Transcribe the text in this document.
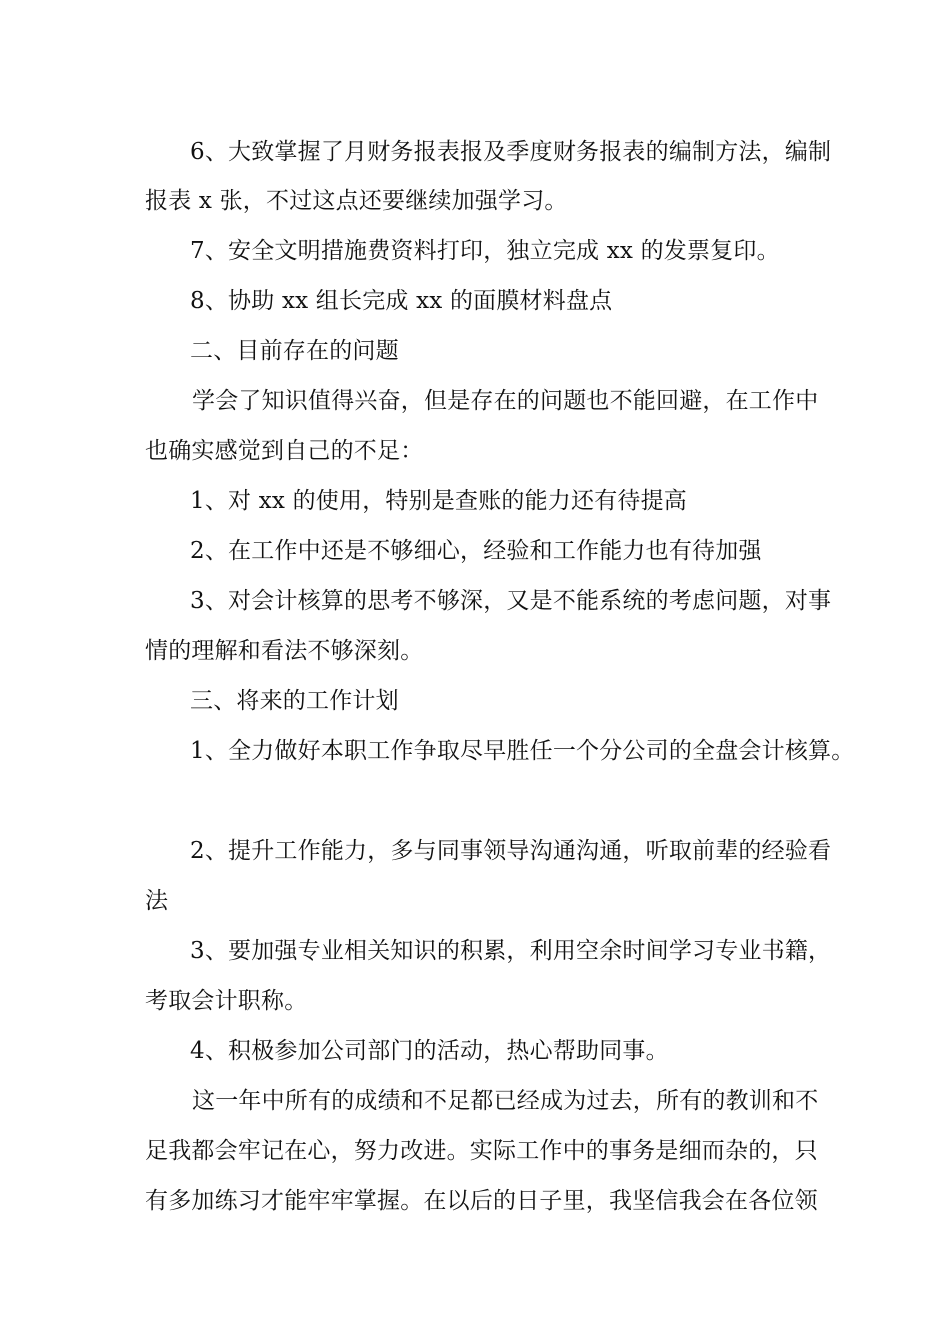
6、大致掌握了月财务报表报及季度财务报表的编制方法，编制
报表 x 张，不过这点还要继续加强学习。
7、安全文明措施费资料打印，独立完成 xx 的发票复印。
8、协助 xx 组长完成 xx 的面膜材料盘点
二、目前存在的问题
学会了知识值得兴奋，但是存在的问题也不能回避，在工作中
也确实感觉到自己的不足：
1、对 xx 的使用，特别是查账的能力还有待提高
2、在工作中还是不够细心，经验和工作能力也有待加强
3、对会计核算的思考不够深，又是不能系统的考虑问题，对事
情的理解和看法不够深刻。
三、将来的工作计划
1、全力做好本职工作争取尽早胜任一个分公司的全盘会计核算。
2、提升工作能力，多与同事领导沟通沟通，听取前辈的经验看
法
3、要加强专业相关知识的积累，利用空余时间学习专业书籍，
考取会计职称。
4、积极参加公司部门的活动，热心帮助同事。
这一年中所有的成绩和不足都已经成为过去，所有的教训和不
足我都会牢记在心，努力改进。实际工作中的事务是细而杂的，只
有多加练习才能牢牢掌握。在以后的日子里，我坚信我会在各位领
